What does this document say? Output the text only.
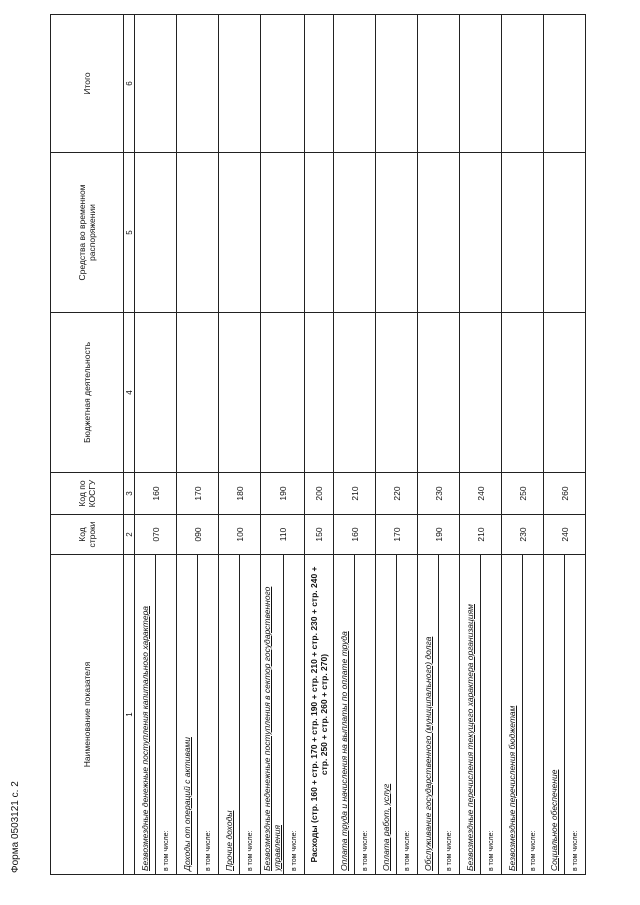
Форма 0503121 с. 2
Наименование показателя	Код строки	Код по КОСГУ	Бюджетная деятельность	Средства во временном распоряжении	Итого
1	2	3	4	5	6
Безвозмездные денежные поступления капитального характера	070	160			
в том числе:					
Доходы от операций с активами	090	170			
в том числе:					
Прочие доходы	100	180			
в том числе:					
Безвозмездные неденежные поступления в сектор государственного управления	110	190			
в том числе:					
Расходы (стр. 160 + стр. 170 + стр. 190 + стр. 210 + стр. 230 + стр. 240 + стр. 250 + стр. 260 + стр. 270)	150	200			
Оплата труда и начисления на выплаты по оплате труда	160	210			
в том числе:					
Оплата работ, услуг	170	220			
в том числе:					
Обслуживание государственного (муниципального) долга	190	230			
в том числе:					
Безвозмездные перечисления текущего характера организациям	210	240			
в том числе:					
Безвозмездные перечисления бюджетам	230	250			
в том числе:					
Социальное обеспечение	240	260			
в том числе:					
